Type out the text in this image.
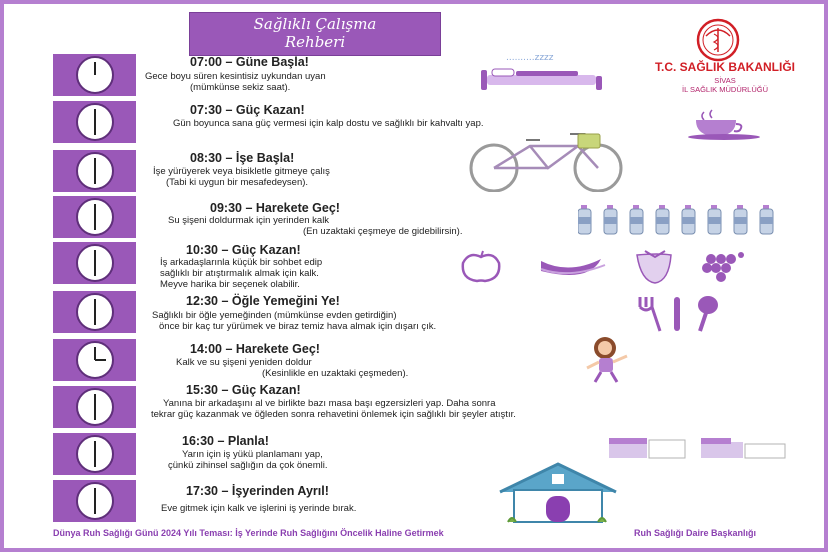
Sağlıklı Çalışma
Rehberi
T.C. SAĞLIK BAKANLIĞI
SİVAS
İL SAĞLIK MÜDÜRLÜĞÜ
07:00 – Güne Başla!
Gece boyu süren kesintisiz uykundan uyan
(mümkünse sekiz saat).
07:30 – Güç Kazan!
Gün boyunca sana güç vermesi için kalp dostu ve sağlıklı bir kahvaltı yap.
08:30 – İşe Başla!
İşe yürüyerek veya bisikletle gitmeye çalış
(Tabi ki uygun bir mesafedeysen).
09:30 – Harekete Geç!
Su şişeni doldurmak için yerinden kalk
(En uzaktaki çeşmeye de gidebilirsin).
10:30 – Güç Kazan!
İş arkadaşlarınla küçük bir sohbet edip
sağlıklı bir atıştırmalık almak için kalk.
Meyve harika bir seçenek olabilir.
12:30 – Öğle Yemeğini Ye!
Sağlıklı bir öğle yemeğinden (mümkünse evden getirdiğin)
önce bir kaç tur yürümek ve biraz temiz hava almak için dışarı çık.
14:00 – Harekete Geç!
Kalk ve su şişeni yeniden doldur
(Kesinlikle en uzaktaki çeşmeden).
15:30 – Güç Kazan!
Yanına bir arkadaşını al ve birlikte bazı masa başı egzersizleri yap. Daha sonra
tekrar güç kazanmak ve öğleden sonra rehavetini önlemek için sağlıklı bir şeyler atıştır.
16:30 – Planla!
Yarın için iş yükü planlamanı yap,
çünkü zihinsel sağlığın da çok önemli.
17:30 – İşyerinden Ayrıl!
Eve gitmek için kalk ve işlerini iş yerinde bırak.
..........zzzz
Dünya Ruh Sağlığı Günü 2024 Yılı Teması: İş Yerinde Ruh Sağlığını Öncelik Haline Getirmek	Ruh Sağlığı Daire Başkanlığı
